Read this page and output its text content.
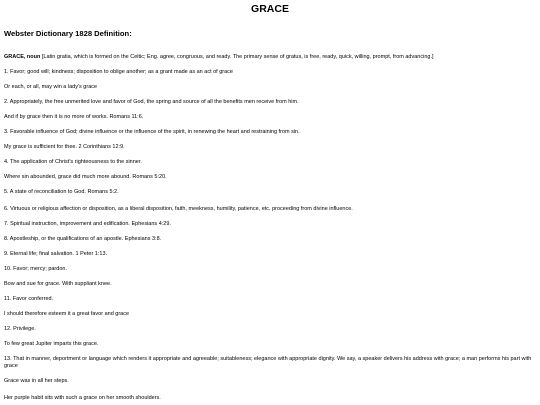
GRACE
Webster Dictionary 1828 Definition:

GRACE, noun [Latin gratia, which is formed on the Celtic; Eng. agree, congruous, and ready. The primary sense of gratus, is free, ready, quick, willing, prompt, from advancing.]

1. Favor; good will; kindness; disposition to oblige another; as a grant made as an act of grace

Or each, or all, may win a lady's grace

2. Appropriately, the free unmerited love and favor of God, the spring and source of all the benefits men receive from him.

And if by grace then it is no more of works. Romans 11:6.

3. Favorable influence of God; divine influence or the influence of the spirit, in renewing the heart and restraining from sin.

My grace is sufficient for thee. 2 Corinthians 12:9.

4. The application of Christ's righteousness to the sinner.

Where sin abounded, grace did much more abound. Romans 5:20.

5. A state of reconciliation to God. Romans 5:2.

6. Virtuous or religious affection or disposition, as a liberal disposition, faith, meekness, humility, patience, etc. proceeding from divine influence.

7. Spiritual instruction, improvement and edification. Ephesians 4:29.

8. Apostleship, or the qualifications of an apostle. Ephesians 3:8.

9. Eternal life; final salvation. 1 Peter 1:13.

10. Favor; mercy; pardon.

Bow and sue for grace. With suppliant knee.

11. Favor conferred.

I should therefore esteem it a great favor and grace

12. Privilege.

To few great Jupiter imparts this grace.

13. That in manner, deportment or language which renders it appropriate and agreeable; suitableness; elegance with appropriate dignity. We say, a speaker delivers his address with grace; a man performs his part with grace

Grace was in all her steps.

Her purple habit sits with such a grace on her smooth shoulders.
